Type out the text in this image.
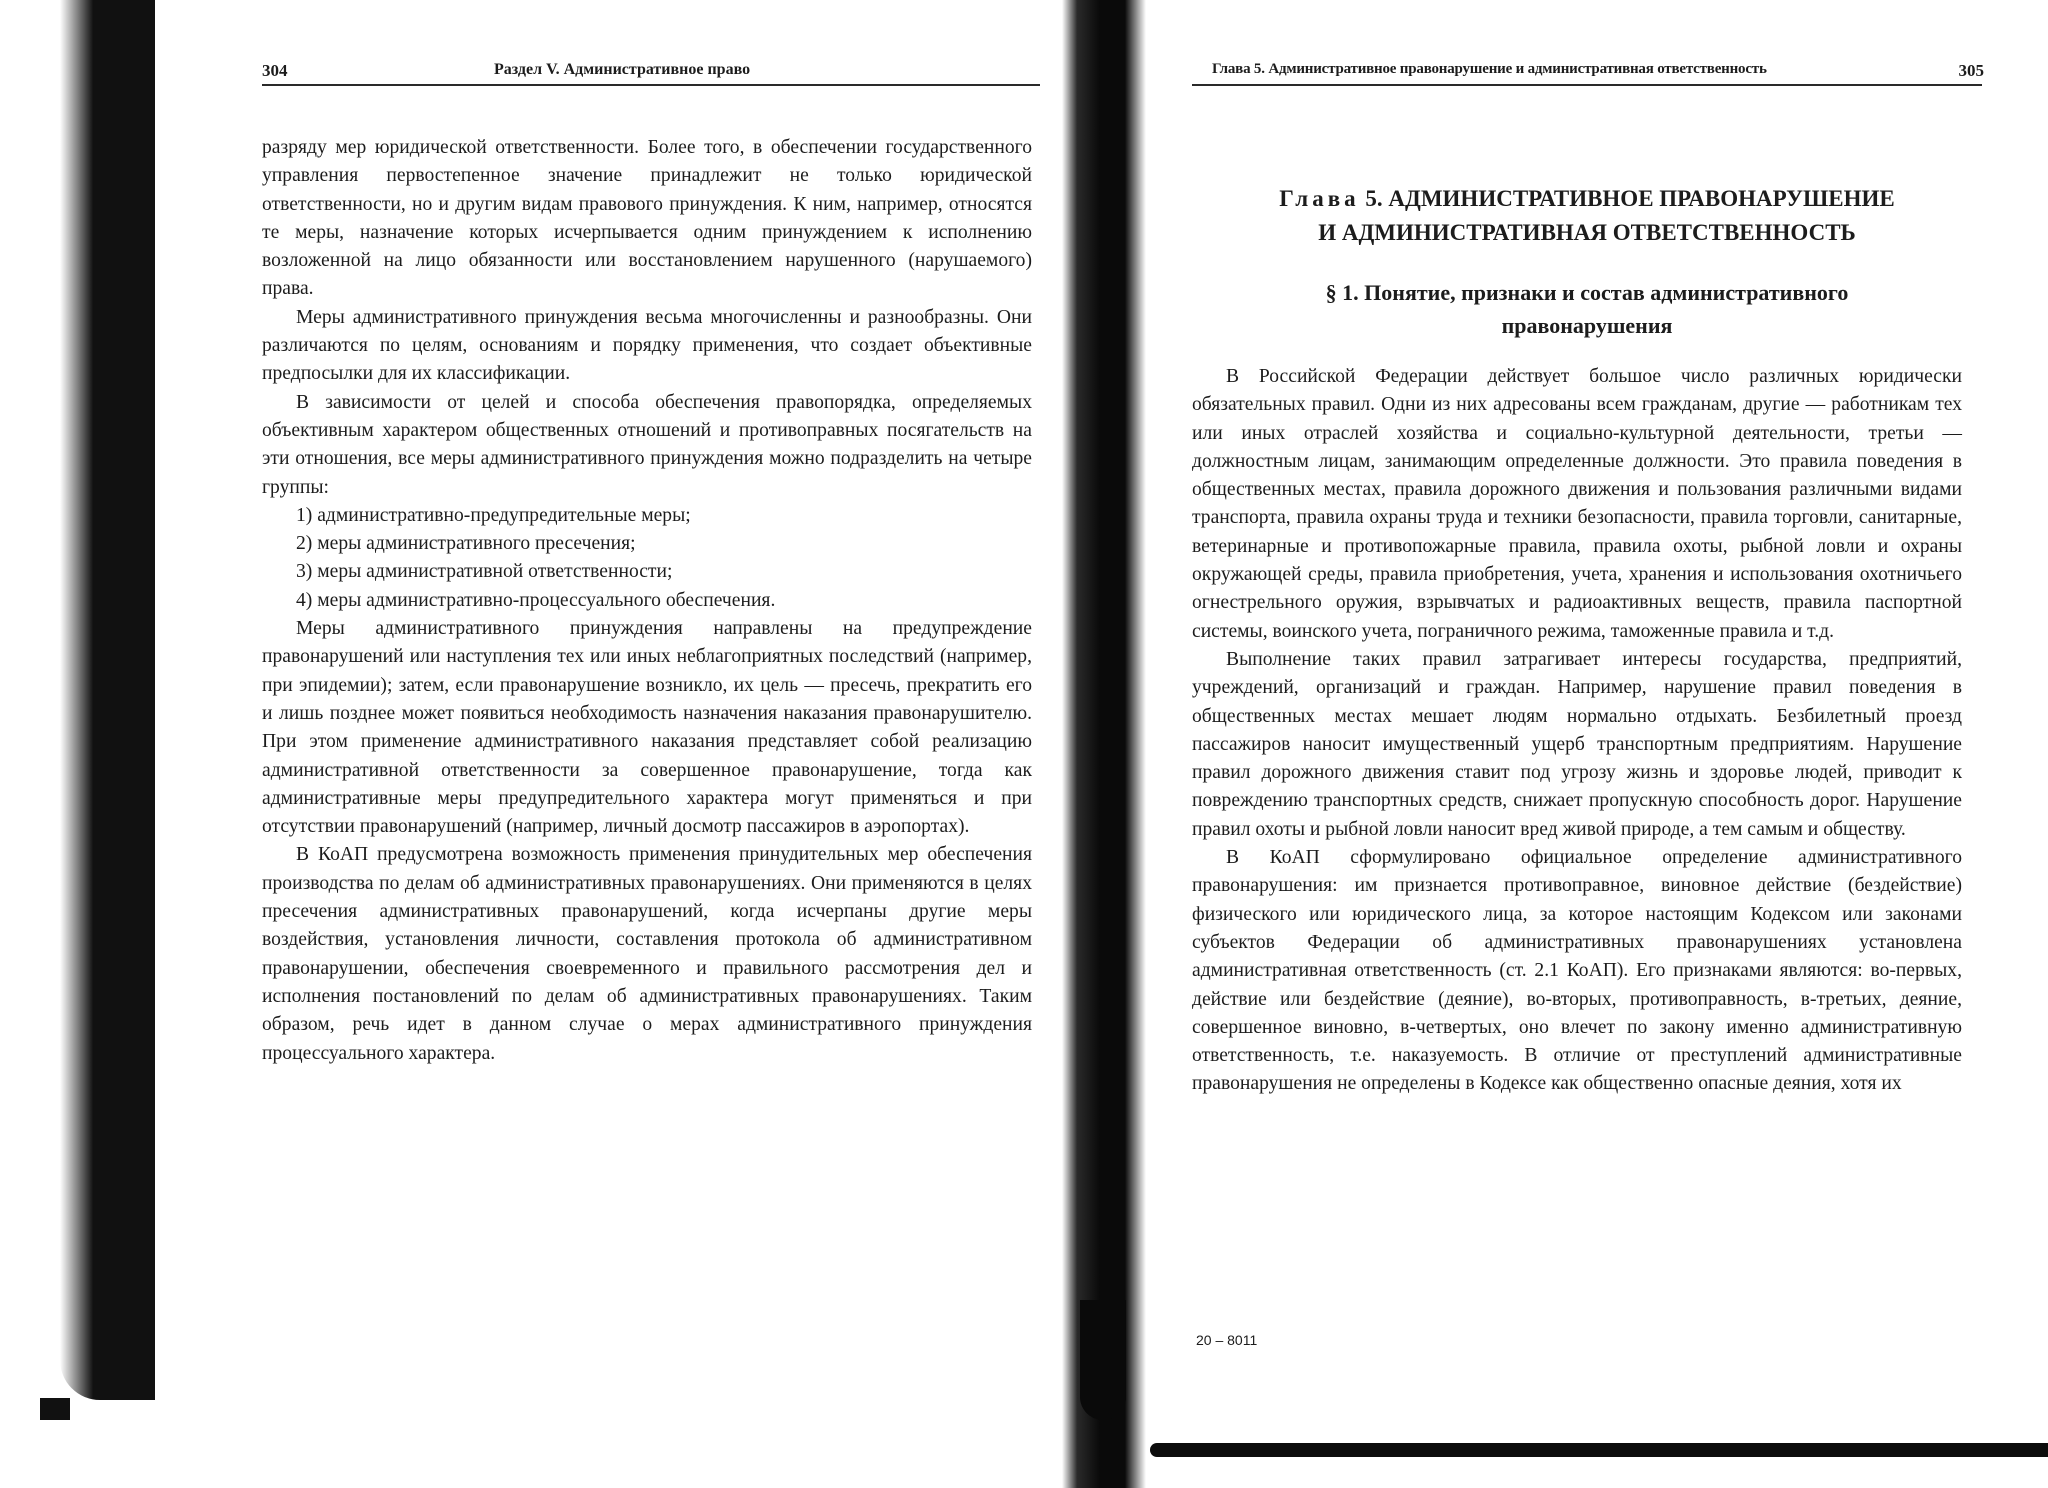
304	Раздел V. Административное право

разряду мер юридической ответственности. Более того, в обеспечении государственного управления первостепенное значение принадлежит не только юридической ответственности, но и другим видам правового принуждения. К ним, например, относятся те меры, назначение которых исчерпывается одним принуждением к исполнению возложенной на лицо обязанности или восстановлением нарушенного (нарушаемого) права.

Меры административного принуждения весьма многочисленны и разнообразны. Они различаются по целям, основаниям и порядку применения, что создает объективные предпосылки для их классификации.

В зависимости от целей и способа обеспечения правопорядка, определяемых объективным характером общественных отношений и противоправных посягательств на эти отношения, все меры административного принуждения можно подразделить на четыре группы:

1) административно-предупредительные меры;

2) меры административного пресечения;

3) меры административной ответственности;

4) меры административно-процессуального обеспечения.

Меры административного принуждения направлены на предупреждение правонарушений или наступления тех или иных неблагоприятных последствий (например, при эпидемии); затем, если правонарушение возникло, их цель — пресечь, прекратить его и лишь позднее может появиться необходимость назначения наказания правонарушителю. При этом применение административного наказания представляет собой реализацию административной ответственности за совершенное правонарушение, тогда как административные меры предупредительного характера могут применяться и при отсутствии правонарушений (например, личный досмотр пассажиров в аэропортах).

В КоАП предусмотрена возможность применения принудительных мер обеспечения производства по делам об административных правонарушениях. Они применяются в целях пресечения административных правонарушений, когда исчерпаны другие меры воздействия, установления личности, составления протокола об административном правонарушении, обеспечения своевременного и правильного рассмотрения дел и исполнения постановлений по делам об административных правонарушениях. Таким образом, речь идет в данном случае о мерах административного принуждения процессуального характера.

Глава 5. Административное правонарушение и административная ответственность	305
Глава 5. АДМИНИСТРАТИВНОЕ ПРАВОНАРУШЕНИЕ
И АДМИНИСТРАТИВНАЯ ОТВЕТСТВЕННОСТЬ
§ 1. Понятие, признаки и состав административного
правонарушения

В Российской Федерации действует большое число различных юридически обязательных правил. Одни из них адресованы всем гражданам, другие — работникам тех или иных отраслей хозяйства и социально-культурной деятельности, третьи — должностным лицам, занимающим определенные должности. Это правила поведения в общественных местах, правила дорожного движения и пользования различными видами транспорта, правила охраны труда и техники безопасности, правила торговли, санитарные, ветеринарные и противопожарные правила, правила охоты, рыбной ловли и охраны окружающей среды, правила приобретения, учета, хранения и использования охотничьего огнестрельного оружия, взрывчатых и радиоактивных веществ, правила паспортной системы, воинского учета, пограничного режима, таможенные правила и т.д.

Выполнение таких правил затрагивает интересы государства, предприятий, учреждений, организаций и граждан. Например, нарушение правил поведения в общественных местах мешает людям нормально отдыхать. Безбилетный проезд пассажиров наносит имущественный ущерб транспортным предприятиям. Нарушение правил дорожного движения ставит под угрозу жизнь и здоровье людей, приводит к повреждению транспортных средств, снижает пропускную способность дорог. Нарушение правил охоты и рыбной ловли наносит вред живой природе, а тем самым и обществу.

В КоАП сформулировано официальное определение административного правонарушения: им признается противоправное, виновное действие (бездействие) физического или юридического лица, за которое настоящим Кодексом или законами субъектов Федерации об административных правонарушениях установлена административная ответственность (ст. 2.1 КоАП). Его признаками являются: во-первых, действие или бездействие (деяние), во-вторых, противоправность, в-третьих, деяние, совершенное виновно, в-четвертых, оно влечет по закону именно административную ответственность, т.е. наказуемость. В отличие от преступлений административные правонарушения не определены в Кодексе как общественно опасные деяния, хотя их

20 – 8011
